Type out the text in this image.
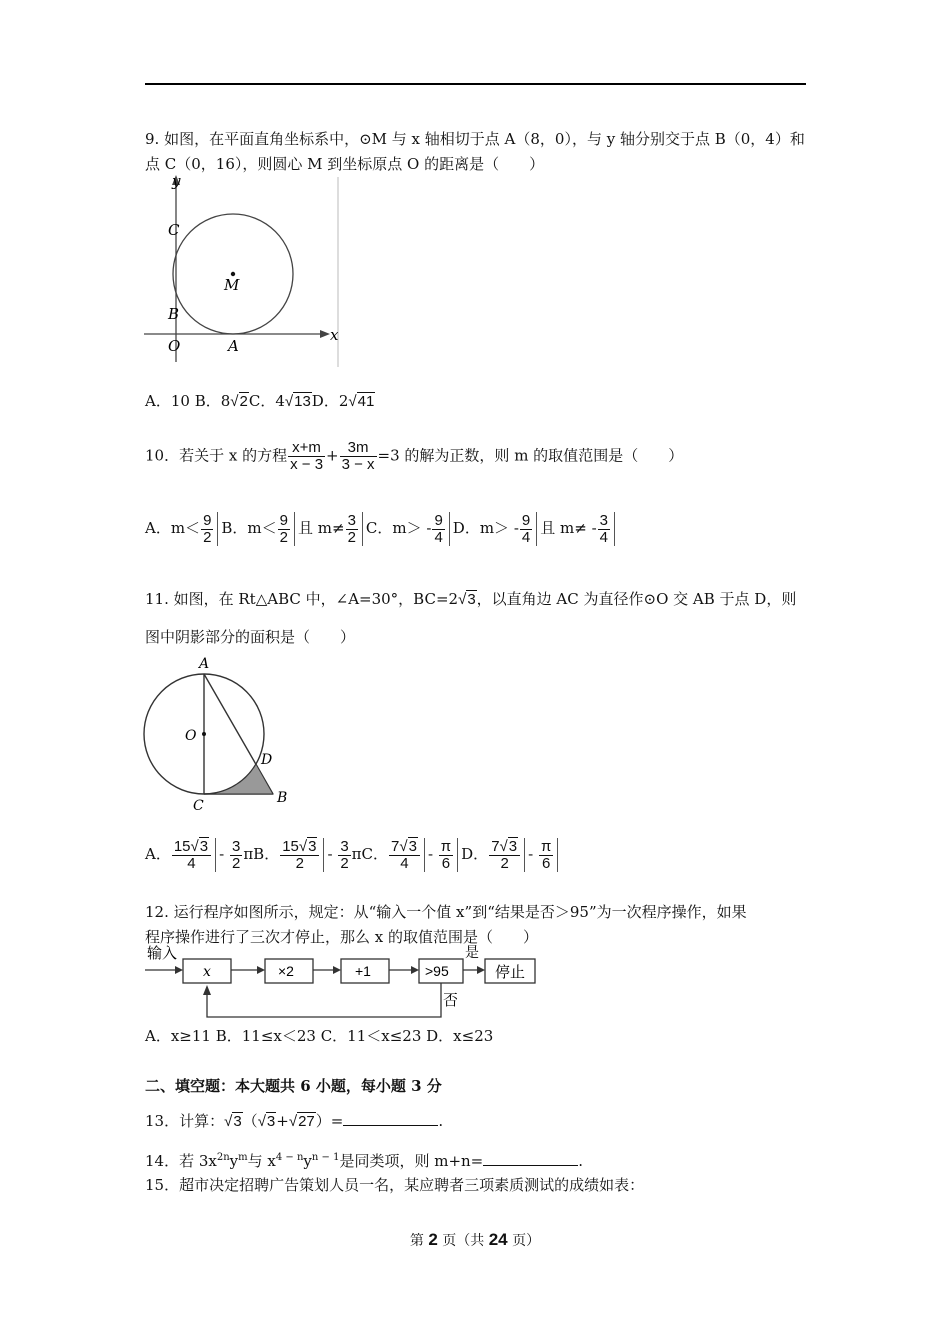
9. 如图，在平面直角坐标系中，⊙M 与 x 轴相切于点 A（8，0），与 y 轴分别交于点 B（0，4）和
点 C（0，16），则圆心 M 到坐标原点 O 的距离是（　　）
y
x
C
M
B
O	A
A．10 B．8√2C．4√13D．2√41
10．若关于 x 的方程 $\frac{x+m}{x - 3} + \frac{3m}{3 - x} =3$ 的解为正数，则 m 的取值范围是（　　）
A．$m< \frac{9}{2}$ B．$m< \frac{9}{2}$ 且 $m\ne \frac{3}{2}$ C．$m> - \frac{9}{4}$ D．$m> - \frac{9}{4}$ 且 $m\ne - \frac{3}{4}$
11. 如图，在 Rt△ABC 中，∠A=30°，BC=2√3，以直角边 AC 为直径作⊙O 交 AB 于点 D，则
图中阴影部分的面积是（　　）
A
O
D
C	B
A． $\frac{15√3}{4} - \frac{3}{2}$ πB． $\frac{15√3}{2} - \frac{3}{2}$ πC． $\frac{7√3}{4} - \frac{\pi}{6}$ D． $\frac{7√3}{2} - \frac{\pi}{6}$
12. 运行程序如图所示，规定：从“输入一个值 x”到“结果是否＞95”为一次程序操作，如果
程序操作进行了三次才停止，那么 x 的取值范围是（　　）
输入
x	×2	+1	>95
是
停止
否
A．x≥11 B．11≤x＜23 C．11＜x≤23 D．x≤23
二、填空题：本大题共 6 小题，每小题 3 分
13．计算：√3（√3+√27）=	.
14．若 $3x^{2n}y^m$与 $x^{4 - n}y^{n - 1}$是同类项，则 m+n=	.
15．超市决定招聘广告策划人员一名，某应聘者三项素质测试的成绩如表：
第 2 页（共 24 页）
